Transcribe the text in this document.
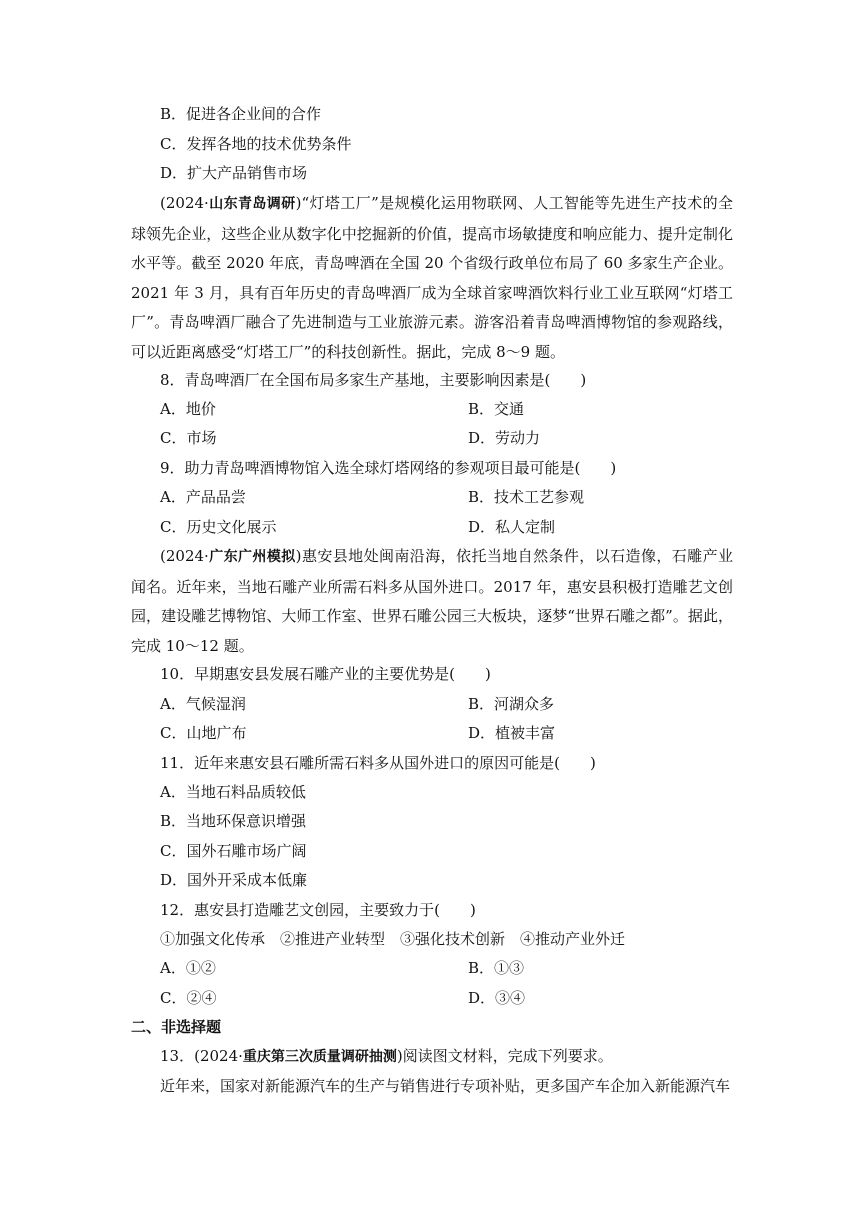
B．促进各企业间的合作
C．发挥各地的技术优势条件
D．扩大产品销售市场

(2024·山东青岛调研)“灯塔工厂”是规模化运用物联网、人工智能等先进生产技术的全球领先企业，这些企业从数字化中挖掘新的价值，提高市场敏捷度和响应能力、提升定制化水平等。截至 2020 年底，青岛啤酒在全国 20 个省级行政单位布局了 60 多家生产企业。2021 年 3 月，具有百年历史的青岛啤酒厂成为全球首家啤酒饮料行业工业互联网“灯塔工厂”。青岛啤酒厂融合了先进制造与工业旅游元素。游客沿着青岛啤酒博物馆的参观路线，可以近距离感受“灯塔工厂”的科技创新性。据此，完成 8～9 题。

8．青岛啤酒厂在全国布局多家生产基地，主要影响因素是(　　)
A．地价	B．交通
C．市场	D．劳动力
9．助力青岛啤酒博物馆入选全球灯塔网络的参观项目最可能是(　　)
A．产品品尝	B．技术工艺参观
C．历史文化展示	D．私人定制

(2024·广东广州模拟)惠安县地处闽南沿海，依托当地自然条件，以石造像，石雕产业闻名。近年来，当地石雕产业所需石料多从国外进口。2017 年，惠安县积极打造雕艺文创园，建设雕艺博物馆、大师工作室、世界石雕公园三大板块，逐梦“世界石雕之都”。据此，完成 10～12 题。

10．早期惠安县发展石雕产业的主要优势是(　　)
A．气候湿润	B．河湖众多
C．山地广布	D．植被丰富
11．近年来惠安县石雕所需石料多从国外进口的原因可能是(　　)
A．当地石料品质较低
B．当地环保意识增强
C．国外石雕市场广阔
D．国外开采成本低廉
12．惠安县打造雕艺文创园，主要致力于(　　)
①加强文化传承　②推进产业转型　③强化技术创新　④推动产业外迁
A．①②	B．①③
C．②④	D．③④
二、非选择题
13．(2024·重庆第三次质量调研抽测)阅读图文材料，完成下列要求。
近年来，国家对新能源汽车的生产与销售进行专项补贴，更多国产车企加入新能源汽车
